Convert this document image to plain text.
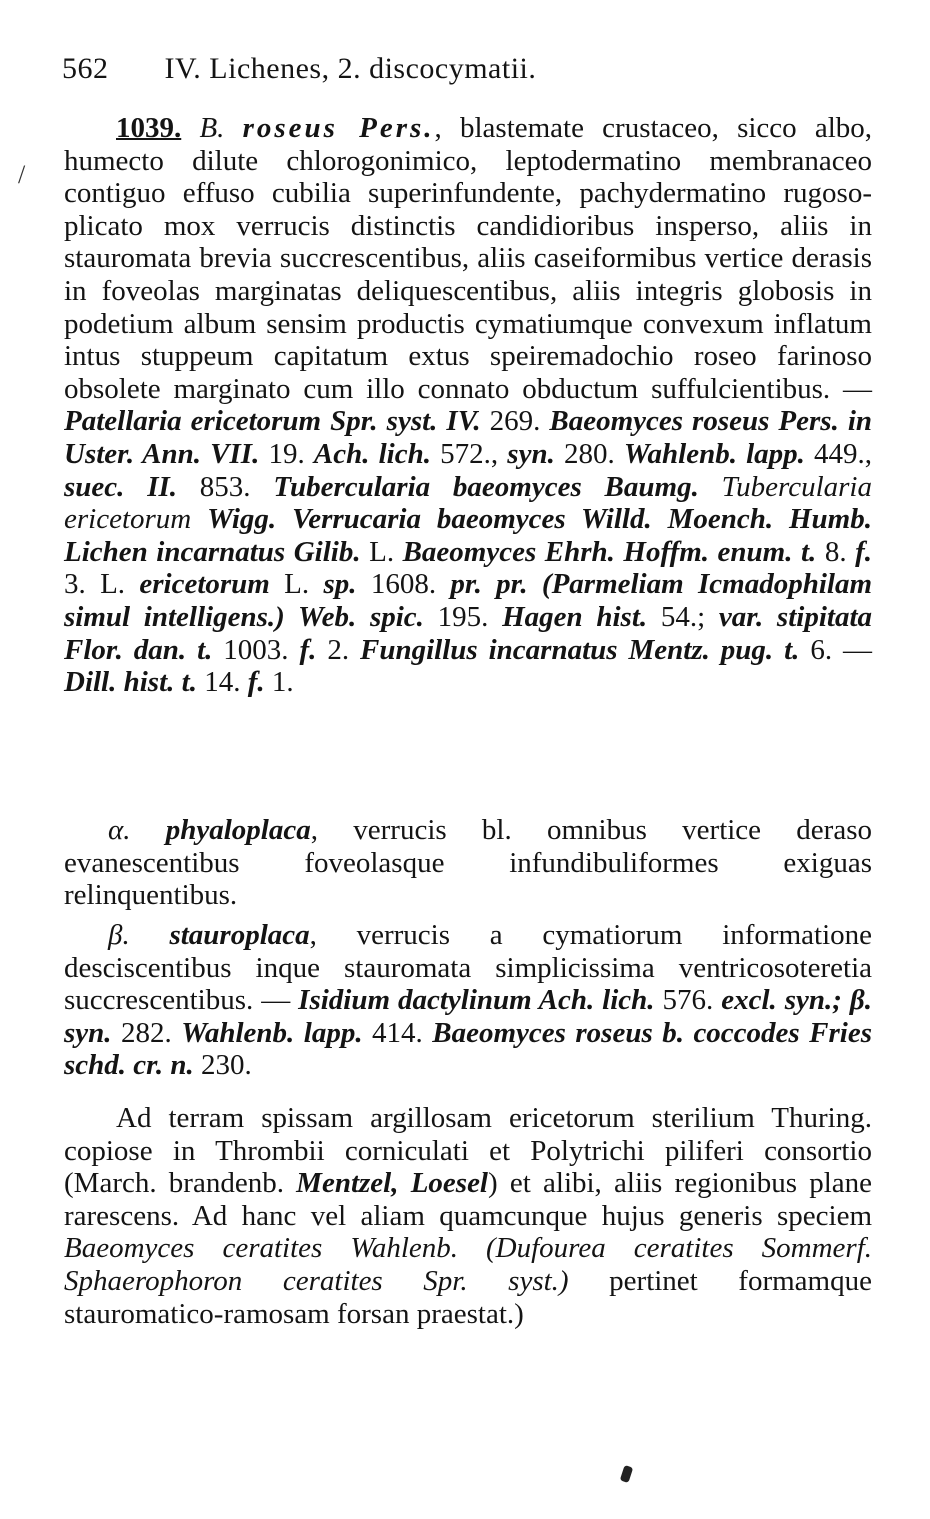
562 IV. Lichenes, 2. discocymatii.
/

1039. B. roseus Pers., blastemate crustaceo, sicco albo, humecto dilute chlorogonimico, leptodermatino membranaceo contiguo effuso cubilia superinfundente, pachydermatino rugoso-plicato mox verrucis distinctis candidioribus insperso, aliis in stauromata brevia succrescentibus, aliis caseiformibus vertice derasis in foveolas marginatas deliquescentibus, aliis integris globosis in podetium album sensim productis cymatiumque convexum inflatum intus stuppeum capitatum extus speiremadochio roseo farinoso obsolete marginato cum illo connato obductum suffulcientibus. — Patellaria ericetorum Spr. syst. IV. 269. Baeomyces roseus Pers. in Uster. Ann. VII. 19. Ach. lich. 572., syn. 280. Wahlenb. lapp. 449., suec. II. 853. Tubercularia baeomyces Baumg. Tubercularia ericetorum Wigg. Verrucaria baeomyces Willd. Moench. Humb. Lichen incarnatus Gilib. L. Baeomyces Ehrh. Hoffm. enum. t. 8. f. 3. L. ericetorum L. sp. 1608. pr. pr. (Parmeliam Icmadophilam simul intelligens.) Web. spic. 195. Hagen hist. 54.; var. stipitata Flor. dan. t. 1003. f. 2. Fungillus incarnatus Mentz. pug. t. 6. — Dill. hist. t. 14. f. 1.

α. phyaloplaca, verrucis bl. omnibus vertice deraso evanescentibus foveolasque infundibuliformes exiguas relinquentibus.

β. stauroplaca, verrucis a cymatiorum informatione desciscentibus inque stauromata simplicissima ventricosoteretia succrescentibus. — Isidium dactylinum Ach. lich. 576. excl. syn.; β. syn. 282. Wahlenb. lapp. 414. Baeomyces roseus b. coccodes Fries schd. cr. n. 230.

Ad terram spissam argillosam ericetorum sterilium Thuring. copiose in Thrombii corniculati et Polytrichi piliferi consortio (March. brandenb. Mentzel, Loesel) et alibi, aliis regionibus plane rarescens. Ad hanc vel aliam quamcunque hujus generis speciem Baeomyces ceratites Wahlenb. (Dufourea ceratites Sommerf. Sphaerophoron ceratites Spr. syst.) pertinet formamque stauromatico-ramosam forsan praestat.)
